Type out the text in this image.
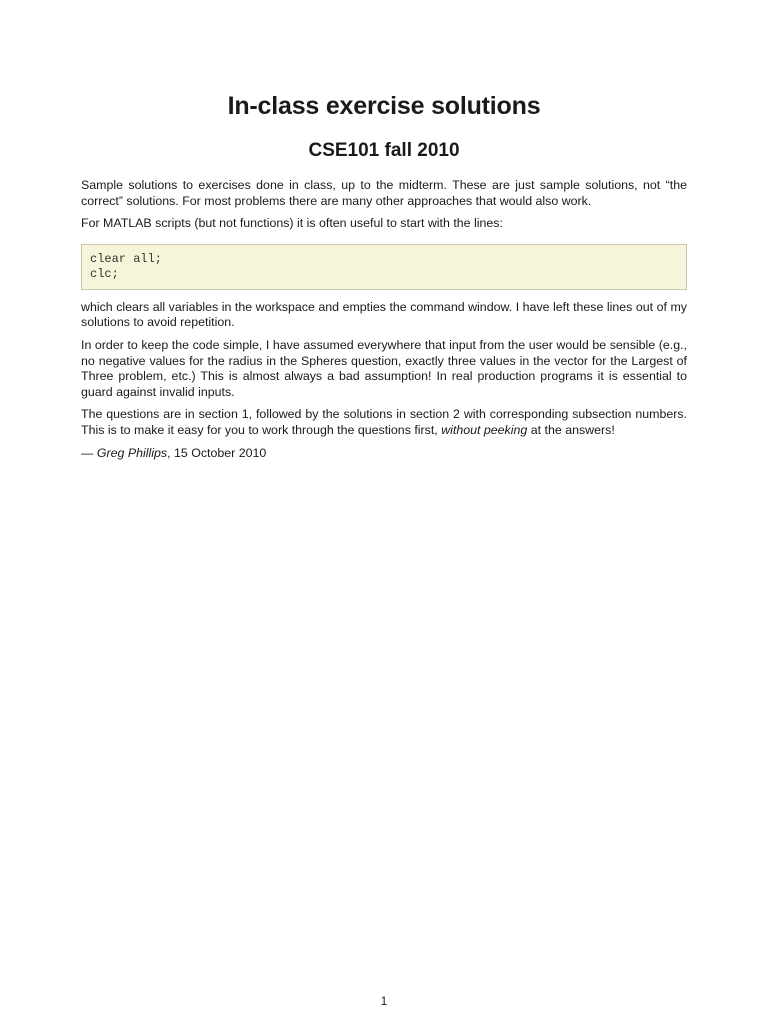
In-class exercise solutions
CSE101 fall 2010

Sample solutions to exercises done in class, up to the midterm. These are just sample solutions, not “the correct” solutions. For most problems there are many other approaches that would also work.

For MATLAB scripts (but not functions) it is often useful to start with the lines:

clear all;
clc;

which clears all variables in the workspace and empties the command window. I have left these lines out of my solutions to avoid repetition.

In order to keep the code simple, I have assumed everywhere that input from the user would be sensible (e.g., no negative values for the radius in the Spheres question, exactly three values in the vector for the Largest of Three problem, etc.) This is almost always a bad assumption! In real production programs it is essential to guard against invalid inputs.

The questions are in section 1, followed by the solutions in section 2 with corresponding subsection numbers. This is to make it easy for you to work through the questions first, without peeking at the answers!

— Greg Phillips, 15 October 2010

1
